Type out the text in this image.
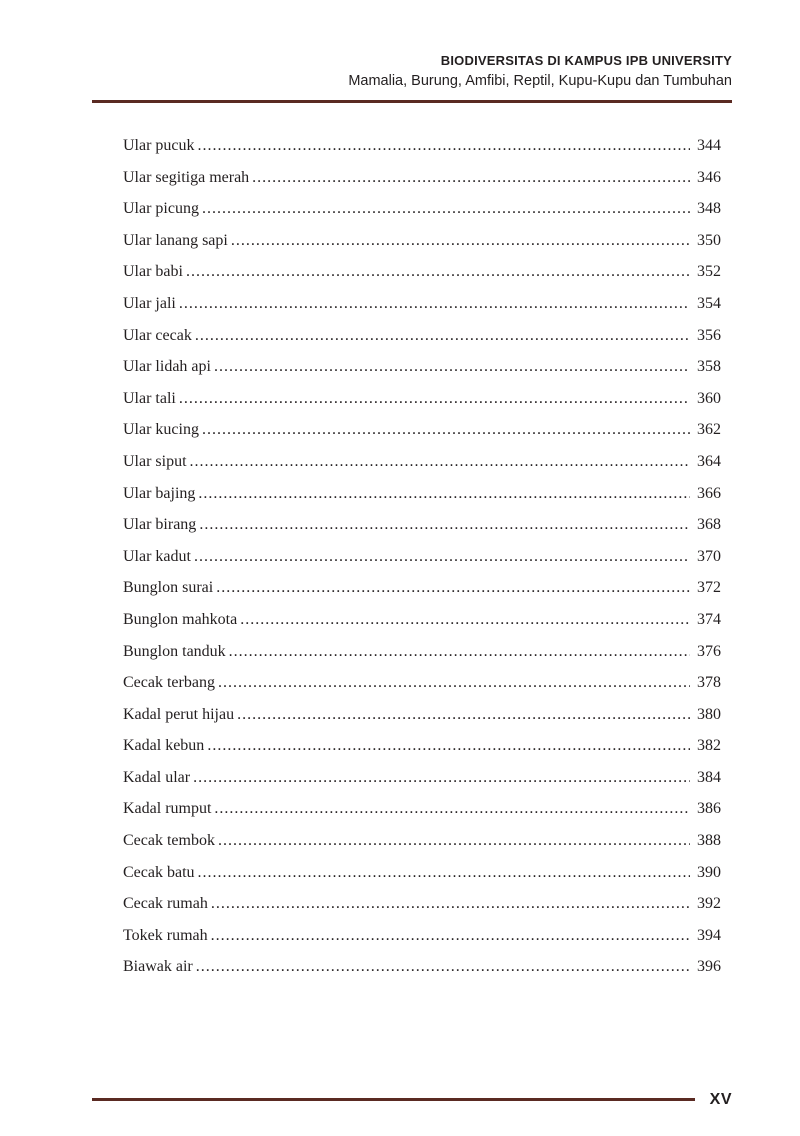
BIODIVERSITAS DI KAMPUS IPB UNIVERSITY
Mamalia, Burung, Amfibi, Reptil, Kupu-Kupu dan Tumbuhan
Ular pucuk .....	344
Ular segitiga merah .....	346
Ular picung .....	348
Ular lanang sapi .....	350
Ular babi .....	352
Ular jali .....	354
Ular cecak .....	356
Ular lidah api .....	358
Ular tali .....	360
Ular kucing .....	362
Ular siput .....	364
Ular bajing .....	366
Ular birang .....	368
Ular kadut .....	370
Bunglon surai .....	372
Bunglon mahkota .....	374
Bunglon tanduk .....	376
Cecak terbang .....	378
Kadal perut hijau .....	380
Kadal kebun .....	382
Kadal ular .....	384
Kadal rumput .....	386
Cecak tembok .....	388
Cecak batu .....	390
Cecak rumah .....	392
Tokek rumah .....	394
Biawak air .....	396
XV
